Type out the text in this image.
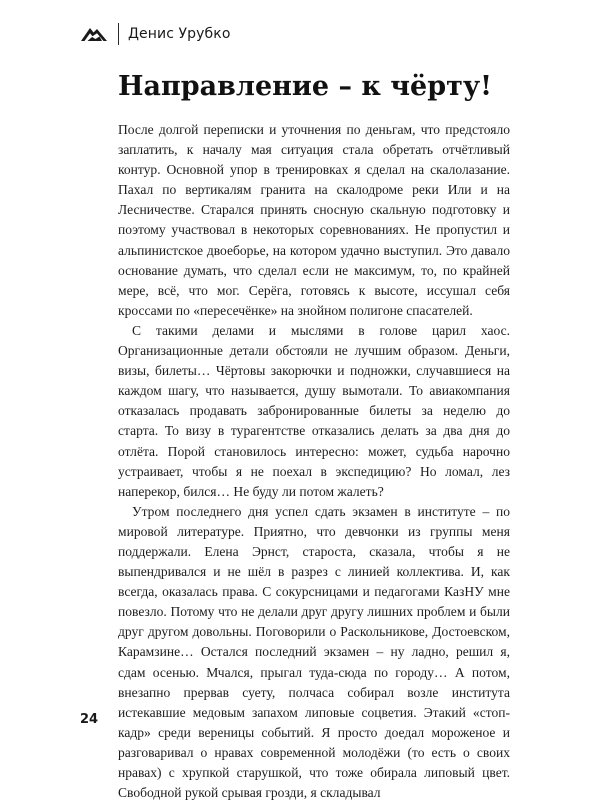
Денис Урубко
Направление – к чёрту!

После долгой переписки и уточнения по деньгам, что предстояло заплатить, к началу мая ситуация стала обретать отчётливый контур. Основной упор в тренировках я сделал на скалолазание. Пахал по вертикалям гранита на скалодроме реки Или и на Лесничестве. Старался принять сносную скальную подготовку и поэтому участвовал в некоторых соревнованиях. Не пропустил и альпинистское двоеборье, на котором удачно выступил. Это давало основание думать, что сделал если не максимум, то, по крайней мере, всё, что мог. Серёга, готовясь к высоте, иссушал себя кроссами по «пересечёнке» на знойном полигоне спасателей.

С такими делами и мыслями в голове царил хаос. Организационные детали обстояли не лучшим образом. Деньги, визы, билеты… Чёртовы закорючки и подножки, случавшиеся на каждом шагу, что называется, душу вымотали. То авиакомпания отказалась продавать забронированные билеты за неделю до старта. То визу в турагентстве отказались делать за два дня до отлёта. Порой становилось интересно: может, судьба нарочно устраивает, чтобы я не поехал в экспедицию? Но ломал, лез наперекор, бился… Не буду ли потом жалеть?

Утром последнего дня успел сдать экзамен в институте – по мировой литературе. Приятно, что девчонки из группы меня поддержали. Елена Эрнст, староста, сказала, чтобы я не выпендривался и не шёл в разрез с линией коллектива. И, как всегда, оказалась права. С сокурсницами и педагогами КазНУ мне повезло. Потому что не делали друг другу лишних проблем и были друг другом довольны. Поговорили о Раскольникове, Достоевском, Карамзине… Остался последний экзамен – ну ладно, решил я, сдам осенью. Мчался, прыгал туда-сюда по городу… А потом, внезапно прервав суету, полчаса собирал возле института истекавшие медовым запахом липовые соцветия. Этакий «стоп-кадр» среди вереницы событий. Я просто доедал мороженое и разговаривал о нравах современной молодёжи (то есть о своих нравах) с хрупкой старушкой, что тоже обирала липовый цвет. Свободной рукой срывая грозди, я складывал

24
